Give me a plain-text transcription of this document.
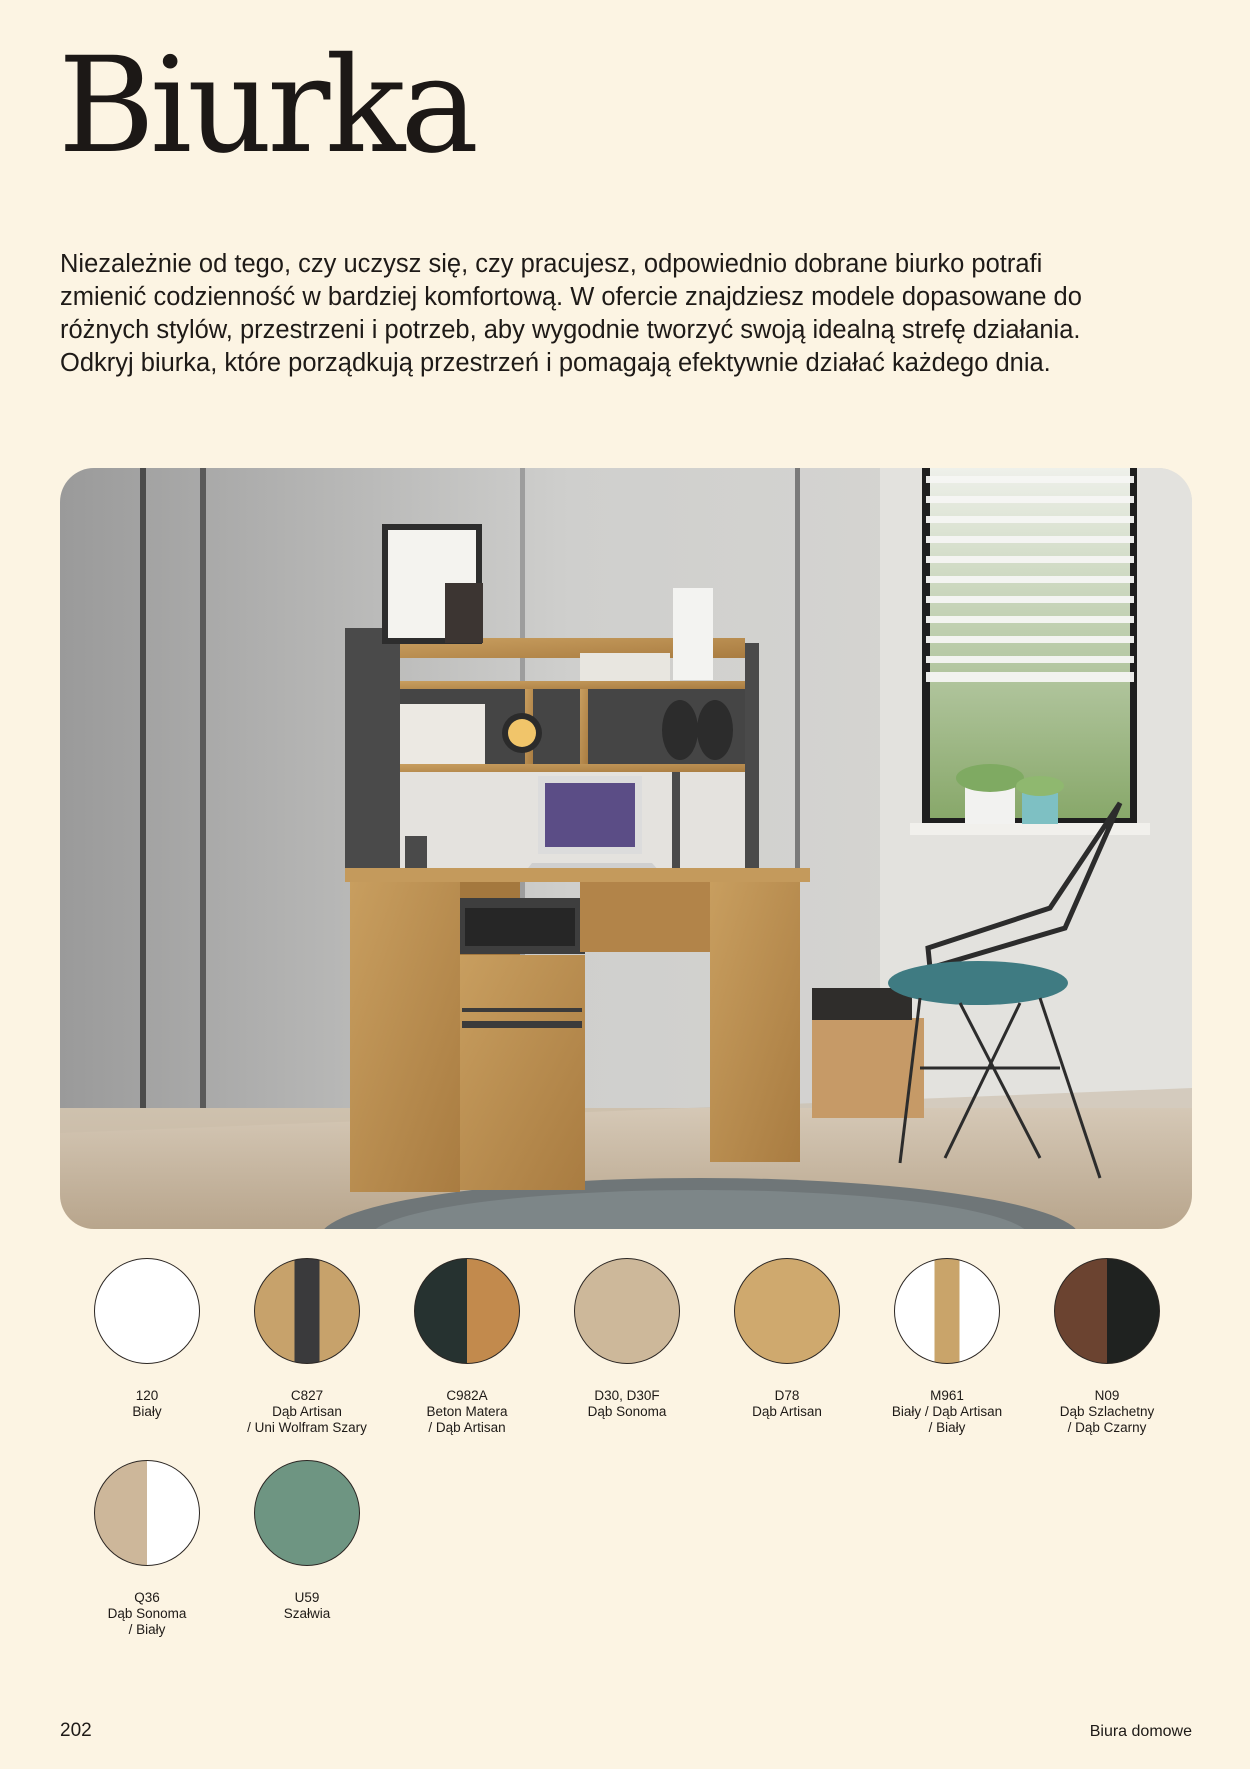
Biurka

Niezależnie od tego, czy uczysz się, czy pracujesz, odpowiednio dobrane biurko potrafi
zmienić codzienność w bardziej komfortową. W ofercie znajdziesz modele dopasowane do
różnych stylów, przestrzeni i potrzeb, aby wygodnie tworzyć swoją idealną strefę działania.
Odkryj biurka, które porządkują przestrzeń i pomagają efektywnie działać każdego dnia.

120
Biały
C827
Dąb Artisan
/ Uni Wolfram Szary
C982A
Beton Matera
/ Dąb Artisan
D30, D30F
Dąb Sonoma
D78
Dąb Artisan
M961
Biały / Dąb Artisan
/ Biały
N09
Dąb Szlachetny
/ Dąb Czarny
Q36
Dąb Sonoma
/ Biały
U59
Szałwia
202	Biura domowe
